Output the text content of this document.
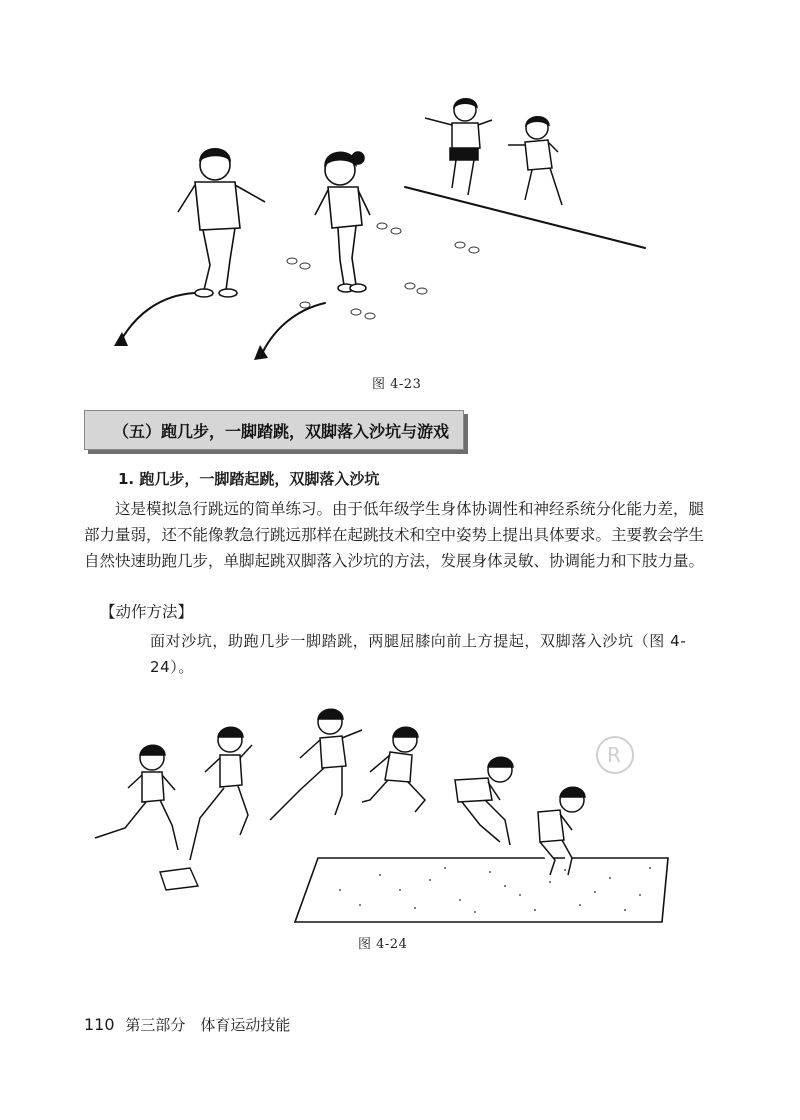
图 4-23
（五）跑几步，一脚踏跳，双脚落入沙坑与游戏
1. 跑几步，一脚踏起跳，双脚落入沙坑
这是模拟急行跳远的简单练习。由于低年级学生身体协调性和神经系统分化能力差，腿部力量弱，还不能像教急行跳远那样在起跳技术和空中姿势上提出具体要求。主要教会学生自然快速助跑几步，单脚起跳双脚落入沙坑的方法，发展身体灵敏、协调能力和下肢力量。
【动作方法】
面对沙坑，助跑几步一脚踏跳，两腿屈膝向前上方提起，双脚落入沙坑（图 4-24）。
R
图 4-24
110 第三部分　体育运动技能
